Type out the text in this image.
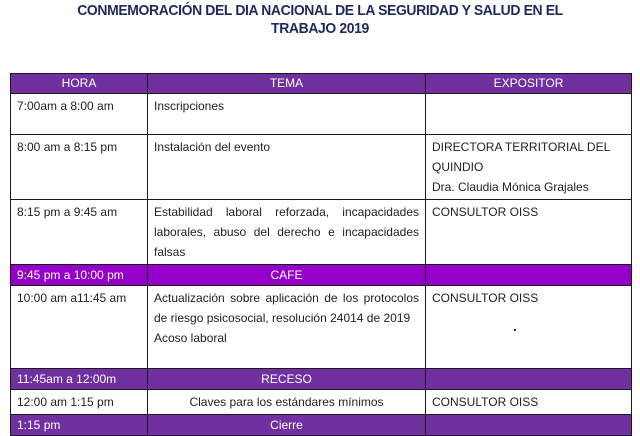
CONMEMORACIÓN DEL DIA NACIONAL DE LA SEGURIDAD Y SALUD EN EL
TRABAJO 2019
HORA	TEMA	EXPOSITOR
7:00am a 8:00 am	Inscripciones	
8:00 am a 8:15 pm	Instalación del evento	DIRECTORA TERRITORIAL DEL
QUINDIO
Dra. Claudia Mónica Grajales

8:15 pm a 9:45 am	Estabilidad laboral reforzada, incapacidades laborales, abuso del derecho e incapacidades falsas	CONSULTOR OISS
9:45 pm a 10:00 pm	CAFE	
10:00 am a11:45 am	Actualización sobre aplicación de los protocolos de riesgo psicosocial, resolución 24014 de 2019
Acoso laboral	CONSULTOR OISS
11:45am a 12:00m	RECESO	
12:00 am 1:15 pm	Claves para los estándares mínimos	CONSULTOR OISS
1:15 pm	Cierre	
